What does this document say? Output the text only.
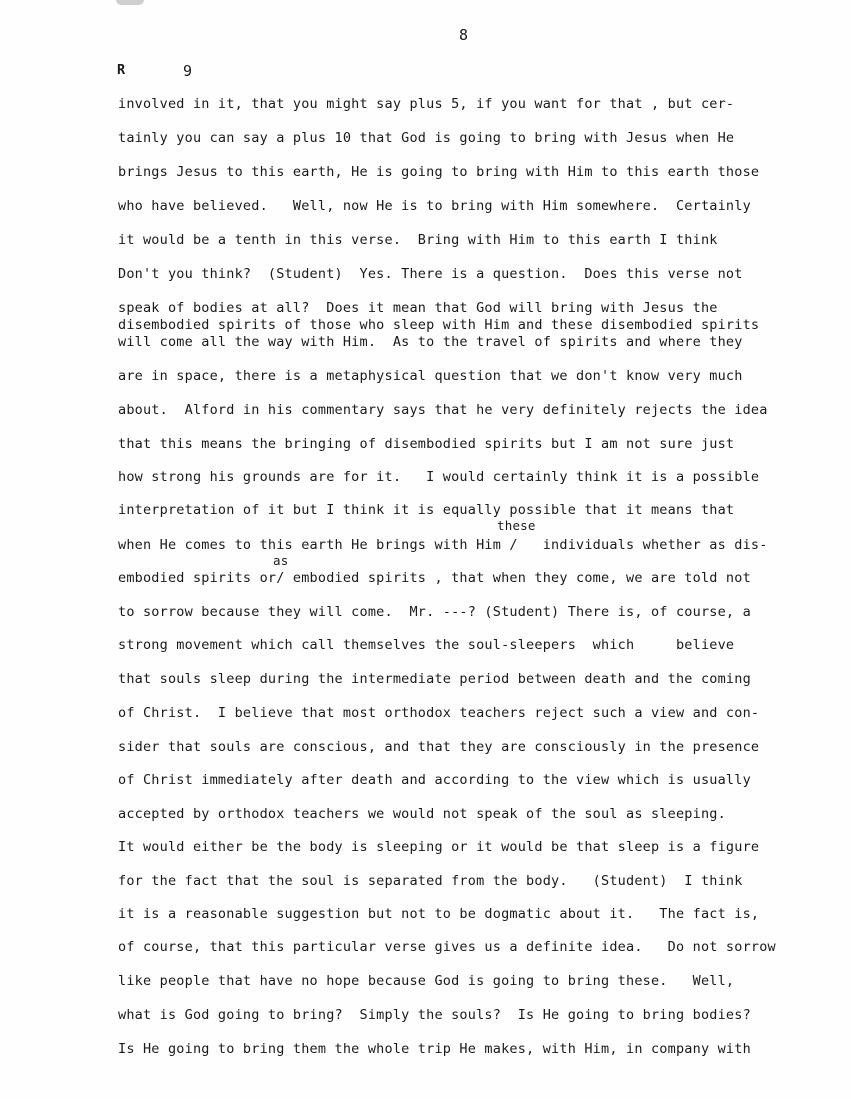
8
R	9
involved in it, that you might say plus 5, if you want for that , but cer-
tainly you can say a plus 10 that God is going to bring with Jesus when He
brings Jesus to this earth, He is going to bring with Him to this earth those
who have believed.   Well, now He is to bring with Him somewhere.  Certainly
it would be a tenth in this verse.  Bring with Him to this earth I think
Don't you think?  (Student)  Yes. There is a question.  Does this verse not
speak of bodies at all?  Does it mean that God will bring with Jesus the
disembodied spirits of those who sleep with Him and these disembodied spirits
will come all the way with Him.  As to the travel of spirits and where they
are in space, there is a metaphysical question that we don't know very much
about.  Alford in his commentary says that he very definitely rejects the idea
that this means the bringing of disembodied spirits but I am not sure just
how strong his grounds are for it.   I would certainly think it is a possible
interpretation of it but I think it is equally possible that it means that
these
when He comes to this earth He brings with Him /   individuals whether as dis-
as
embodied spirits or/ embodied spirits , that when they come, we are told not
to sorrow because they will come.  Mr. ---? (Student) There is, of course, a
strong movement which call themselves the soul-sleepers  which     believe
that souls sleep during the intermediate period between death and the coming
of Christ.  I believe that most orthodox teachers reject such a view and con-
sider that souls are conscious, and that they are consciously in the presence
of Christ immediately after death and according to the view which is usually
accepted by orthodox teachers we would not speak of the soul as sleeping.
It would either be the body is sleeping or it would be that sleep is a figure
for the fact that the soul is separated from the body.   (Student)  I think
it is a reasonable suggestion but not to be dogmatic about it.   The fact is,
of course, that this particular verse gives us a definite idea.   Do not sorrow
like people that have no hope because God is going to bring these.   Well,
what is God going to bring?  Simply the souls?  Is He going to bring bodies?
Is He going to bring them the whole trip He makes, with Him, in company with
